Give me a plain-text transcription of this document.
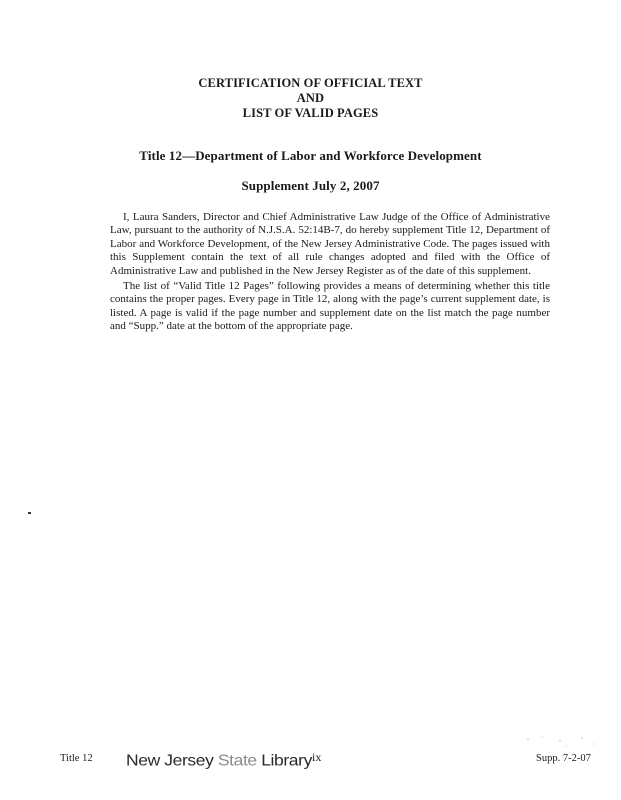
CERTIFICATION OF OFFICIAL TEXT
AND
LIST OF VALID PAGES
Title 12—Department of Labor and Workforce Development
Supplement July 2, 2007

I, Laura Sanders, Director and Chief Administrative Law Judge of the Office of Administrative Law, pursuant to the authority of N.J.S.A. 52:14B-7, do hereby supplement Title 12, Department of Labor and Workforce Development, of the New Jersey Administrative Code. The pages issued with this Supplement contain the text of all rule changes adopted and filed with the Office of Administrative Law and published in the New Jersey Register as of the date of this supplement.

The list of “Valid Title 12 Pages” following provides a means of determining whether this title contains the proper pages. Every page in Title 12, along with the page’s current supplement date, is listed. A page is valid if the page number and supplement date on the list match the page number and “Supp.” date at the bottom of the appropriate page.

Title 12 New Jersey State Library ix	Supp. 7-2-07
